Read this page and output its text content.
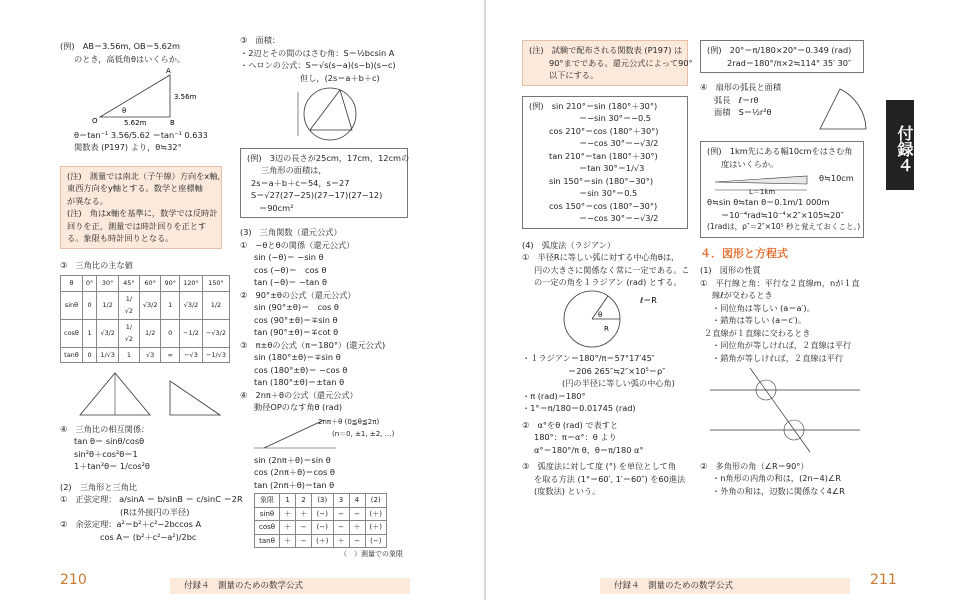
(例)　AB＝3.56m, OB＝5.62m
のとき，高低角θはいくらか。
A
3.56m
θ
O	5.62m	B
θ＝tan⁻¹ 3.56/5.62 ＝tan⁻¹ 0.633
関数表 (P197) より，θ≒32°
(注)　測量では南北（子午線）方向をx軸，
東西方向をy軸とする。数学と座標軸
が異なる。
(注)　角はx軸を基準に，数学では反時計
回りを正，測量では時計回りを正とす
る。象限も時計回りとなる。
③　三角比の主な値
θ	0°	30°	45°	60°	90°	120°	150°
sinθ	0	1/2	1/√2	√3/2	1	√3/2	1/2
cosθ	1	√3/2	1/√2	1/2	0	−1/2	−√3/2
tanθ	0	1/√3	1	√3	∞	−√3	−1/√3
④　三角比の相互関係：
tan θ＝ sinθ/cosθ
sin²θ＋cos²θ＝1
1＋tan²θ＝ 1/cos²θ
(2)　三角形と三角比
①　正弦定理： a/sinA ＝ b/sinB ＝ c/sinC ＝2R
(Rは外接円の半径)
②　余弦定理：a²＝b²＋c²−2bccos A
cos A＝ (b²＋c²−a²)/2bc
③　面積：
・2辺とその間のはさむ角：S＝½bcsin A
・ヘロンの公式：S＝√s(s−a)(s−b)(s−c)
但し，(2s＝a＋b＋c)
(例)　3辺の長さが25cm，17cm，12cmの
三角形の面積は，
2s＝a＋b＋c＝54，s＝27
S＝√27(27−25)(27−17)(27−12)
＝90cm²
(3)　三角関数（還元公式）
①　−θとθの関係（還元公式）
sin (−θ)＝ −sin θ
cos (−θ)＝　cos θ
tan (−θ)＝ −tan θ
②　90°±θの公式（還元公式）
sin (90°±θ)＝　cos θ
cos (90°±θ)＝∓sin θ
tan (90°±θ)＝∓cot θ
③　π±θの公式（π＝180°）(還元公式)
sin (180°±θ)＝∓sin θ
cos (180°±θ)＝ −cos θ
tan (180°±θ)＝±tan θ
④　2nπ＋θの公式（還元公式）
動径OPのなす角θ (rad)
2nπ＋θ (0≦θ≦2π)
(n＝0, ±1, ±2, …)
sin (2nπ＋θ)＝sin θ
cos (2nπ＋θ)＝cos θ
tan (2nπ＋θ)＝tan θ
象限	1	2	(3)	3	4	(2)
sinθ	＋	＋	(−)	−	−	(＋)
cosθ	＋	−	(−)	−	＋	(＋)
tanθ	＋	−	(＋)	＋	−	(−)
（　）測量での象限
210	付録４　測量のための数学公式
(注)　試験で配布される関数表 (P197) は
90°までである。還元公式によって90°
以下にする。
(例)　sin 210°＝sin (180°＋30°)
＝−sin 30°＝−0.5
cos 210°＝cos (180°＋30°)
＝−cos 30°＝−√3/2
tan 210°＝tan (180°＋30°)
＝tan 30°＝1/√3
sin 150°＝sin (180°−30°)
＝sin 30°＝0.5
cos 150°＝cos (180°−30°)
＝−cos 30°＝−√3/2
(4)　弧度法（ラジアン）
①　半径Rに等しい弧に対する中心角θは，
円の大きさに関係なく常に一定である。こ
の一定の角を１ラジアン (rad) とする。
ℓ＝R
θ
R
・１ラジアン＝180°/π＝57°17′45″
＝206 265″≒2″×10⁵＝ρ″
(円の半径に等しい弧の中心角)
・π (rad)＝180°
・1°＝π/180＝0.01745 (rad)
②　α°をθ (rad) で表すと
180°：π＝α°：θ より
α°＝180°/π θ，θ＝π/180 α°
③　弧度法に対して度 (°) を単位として角
を取る方法 (1°＝60′, 1′＝60″) を60進法
(度数法) という。
(例)　20°＝π/180×20°＝0.349 (rad)
2rad＝180°/π×2≒114° 35′ 30″
④　扇形の弧長と面積
弧長　ℓ＝rθ
面積　S＝½r²θ
(例)　1km先にある幅10cmをはさむ角
度はいくらか。
θ≒10cm
L＝1km
θ≒sin θ≒tan θ＝0.1m/1 000m
＝10⁻⁴rad≒10⁻⁴×2″×105≒20″
(1radは，ρ″＝2″×10⁵ 秒と覚えておくこと。)
４．図形と方程式
(1)　図形の性質
①　平行線と角：平行な２直線m，nが１直
線ℓが交わるとき
・同位角は等しい (a＝a′)。
・錯角は等しい (a＝c′)。
２直線が１直線に交わるとき
・同位角が等しければ，２直線は平行
・錯角が等しければ，２直線は平行
②　多角形の角（∠R＝90°）
・n角形の内角の和は，(2n−4)∠R
・外角の和は，辺数に関係なく4∠R
付録４
付録４　測量のための数学公式	211
